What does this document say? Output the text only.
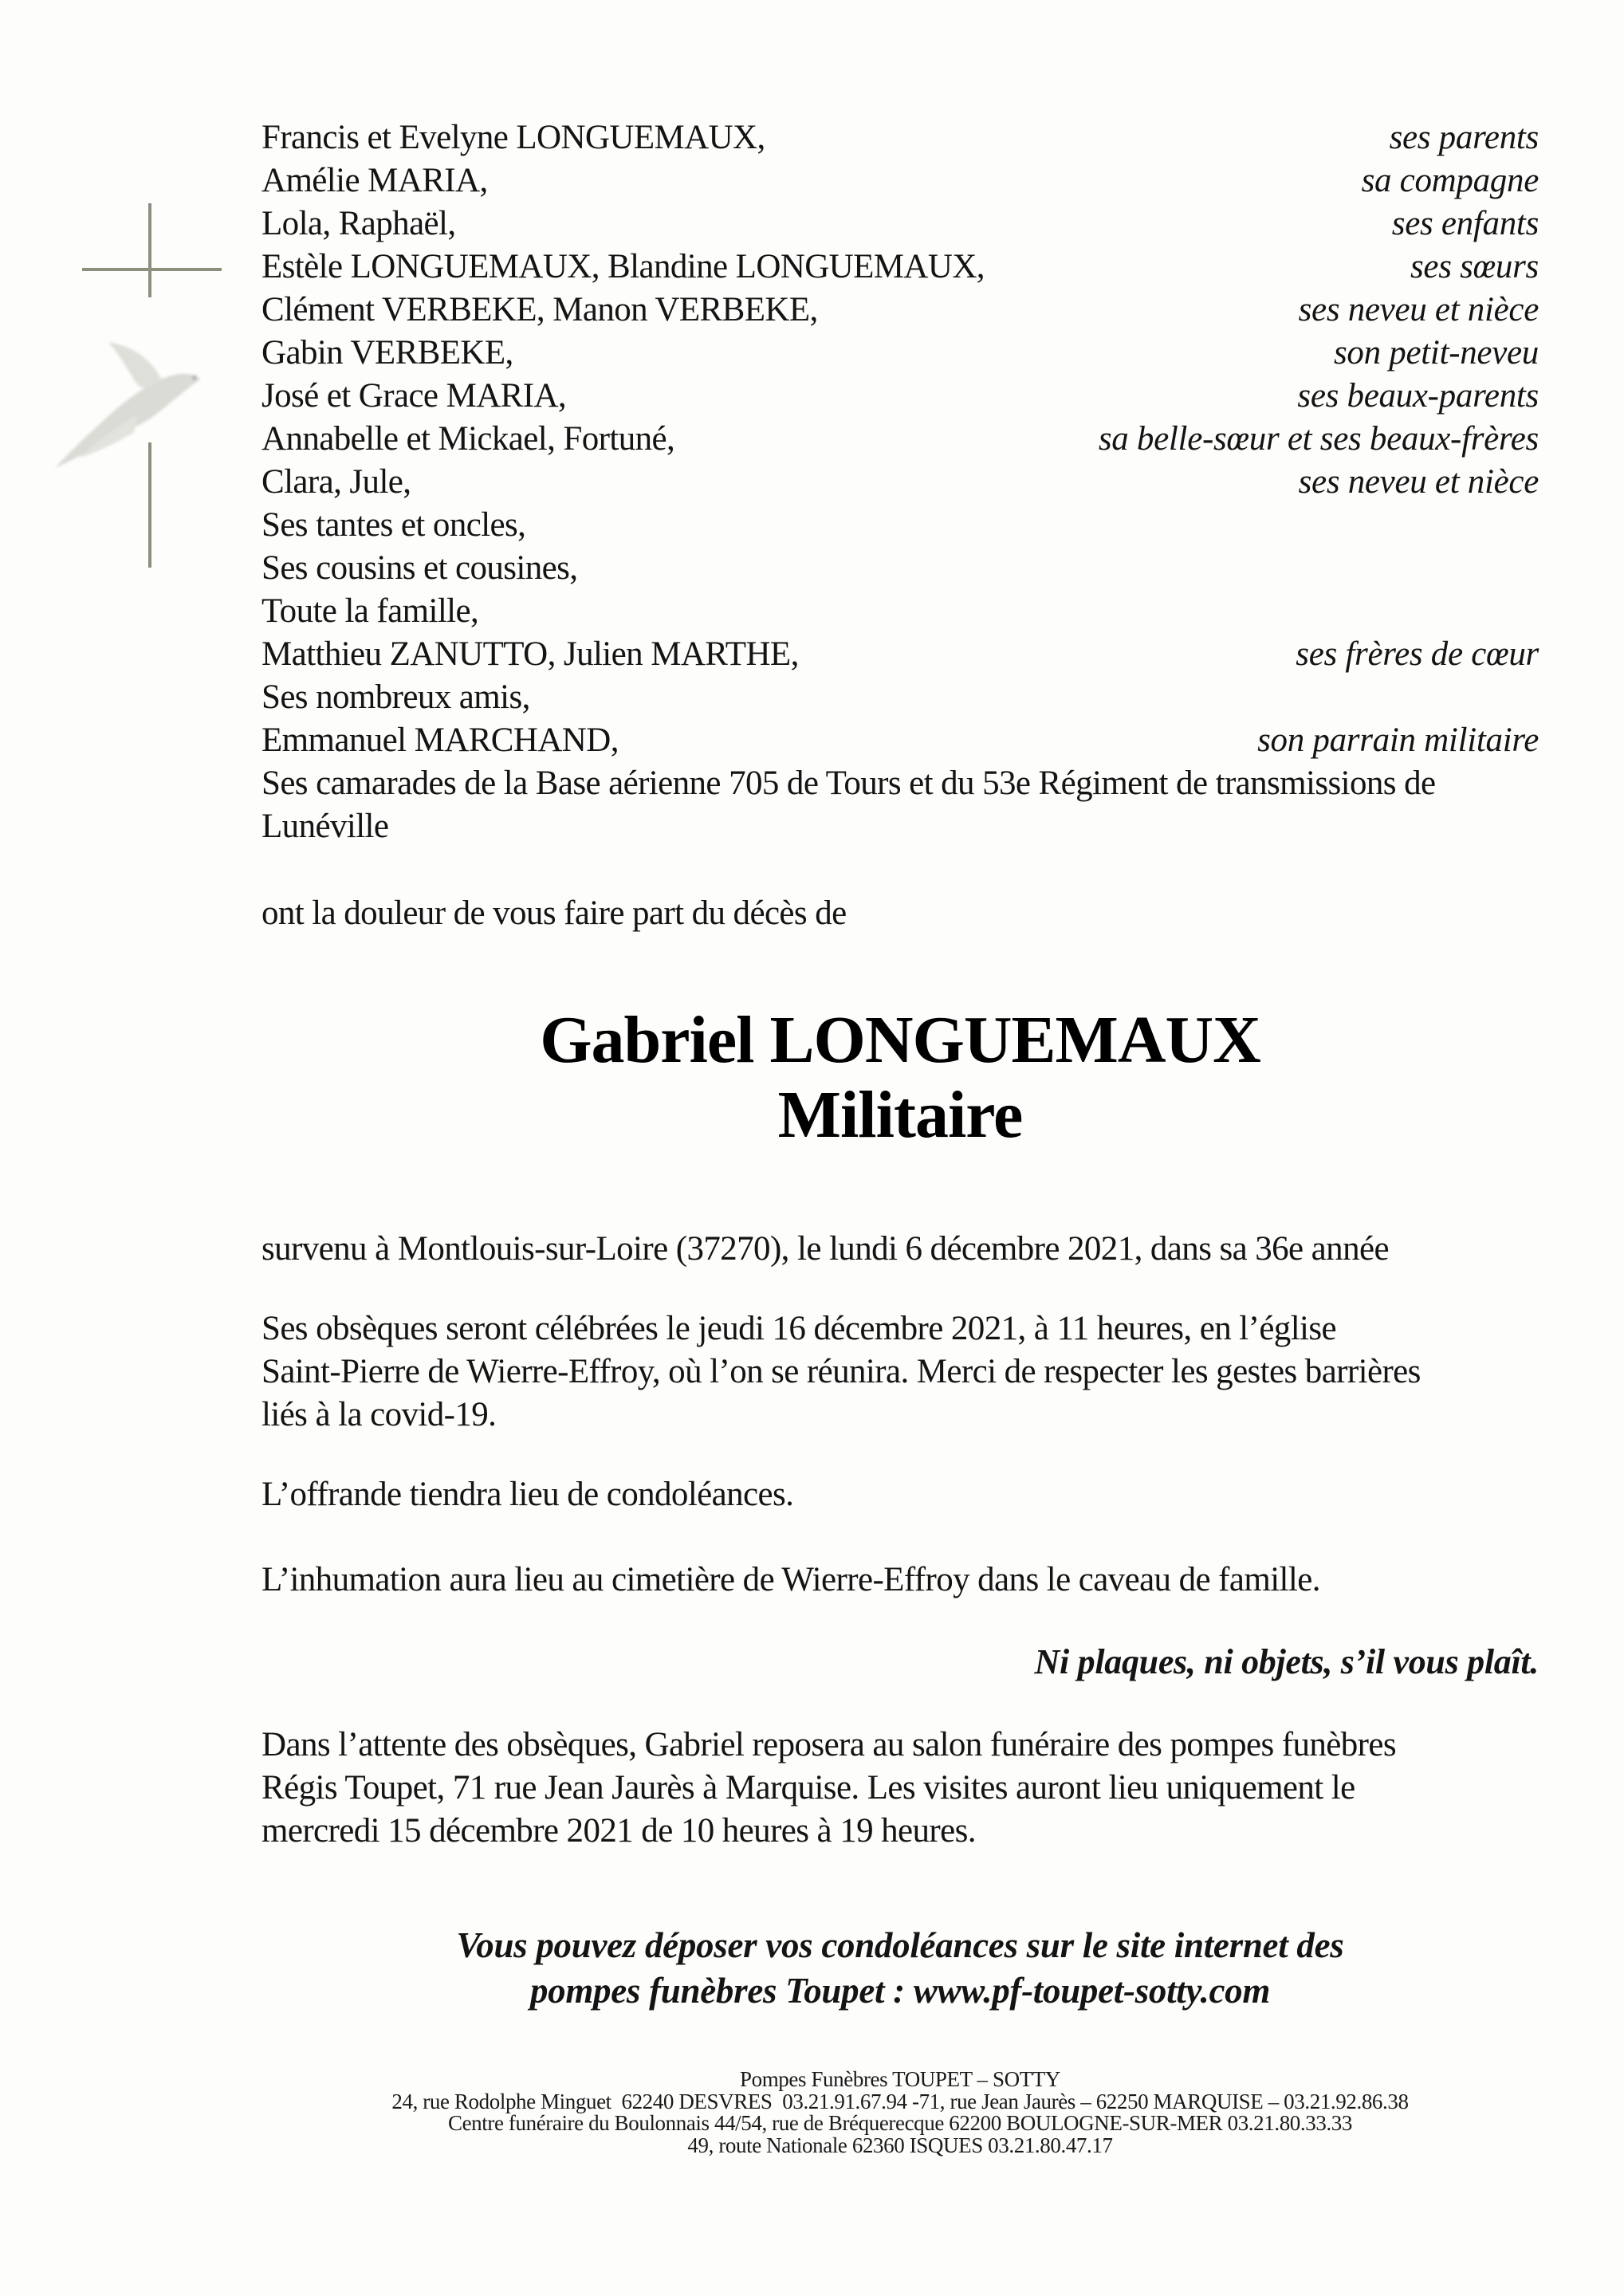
Francis et Evelyne LONGUEMAUX,	ses parents
Amélie MARIA,	sa compagne
Lola, Raphaël,	ses enfants
Estèle LONGUEMAUX, Blandine LONGUEMAUX,	ses sœurs
Clément VERBEKE, Manon VERBEKE,	ses neveu et nièce
Gabin VERBEKE,	son petit-neveu
José et Grace MARIA,	ses beaux-parents
Annabelle et Mickael, Fortuné,	sa belle-sœur et ses beaux-frères
Clara, Jule,	ses neveu et nièce
Ses tantes et oncles,
Ses cousins et cousines,
Toute la famille,
Matthieu ZANUTTO, Julien MARTHE,	ses frères de cœur
Ses nombreux amis,
Emmanuel MARCHAND,	son parrain militaire
Ses camarades de la Base aérienne 705 de Tours et du 53e Régiment de transmissions de
Lunéville
ont la douleur de vous faire part du décès de
Gabriel LONGUEMAUX
Militaire
survenu à Montlouis-sur-Loire (37270), le lundi 6 décembre 2021, dans sa 36e année
Ses obsèques seront célébrées le jeudi 16 décembre 2021, à 11 heures, en l’église
Saint-Pierre de Wierre-Effroy, où l’on se réunira. Merci de respecter les gestes barrières
liés à la covid-19.
L’offrande tiendra lieu de condoléances.
L’inhumation aura lieu au cimetière de Wierre-Effroy dans le caveau de famille.
Ni plaques, ni objets, s’il vous plaît.
Dans l’attente des obsèques, Gabriel reposera au salon funéraire des pompes funèbres
Régis Toupet, 71 rue Jean Jaurès à Marquise. Les visites auront lieu uniquement le
mercredi 15 décembre 2021 de 10 heures à 19 heures.
Vous pouvez déposer vos condoléances sur le site internet des
pompes funèbres Toupet : www.pf-toupet-sotty.com
Pompes Funèbres TOUPET – SOTTY
24, rue Rodolphe Minguet  62240 DESVRES  03.21.91.67.94 -71, rue Jean Jaurès – 62250 MARQUISE – 03.21.92.86.38
Centre funéraire du Boulonnais 44/54, rue de Bréquerecque 62200 BOULOGNE-SUR-MER 03.21.80.33.33
49, route Nationale 62360 ISQUES 03.21.80.47.17
